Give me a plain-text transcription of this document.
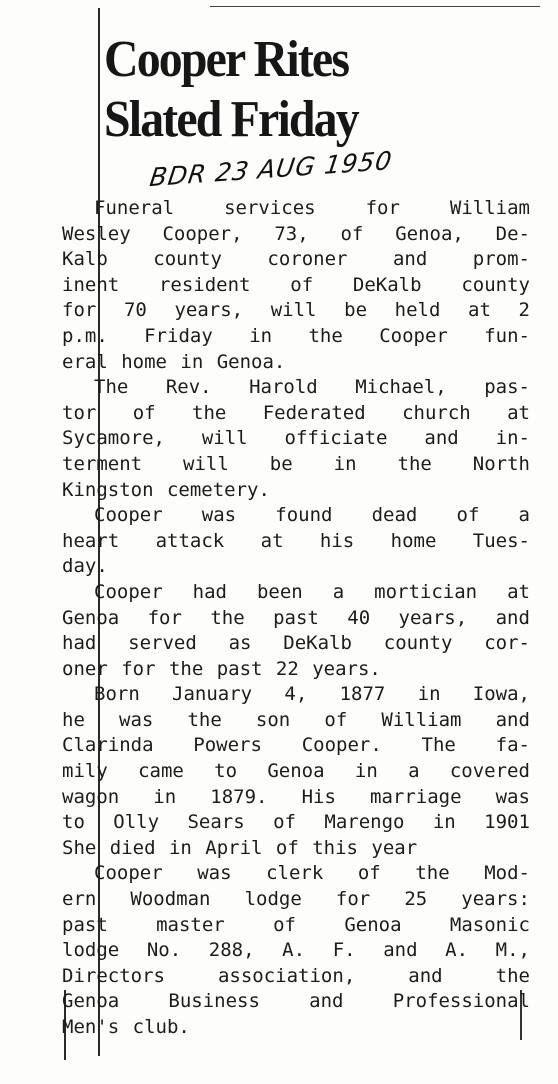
Cooper Rites
Slated Friday
BDR 23 AUG 1950
Funeral	services	for	William
Wesley Cooper, 73, of Genoa, De-
Kalb county coroner and prom-
inent resident of DeKalb county
for 70 years, will be held at 2
p.m. Friday in the Cooper fun-
eral home in Genoa.
The Rev. Harold Michael, pas-
tor of the Federated church at
Sycamore, will officiate and in-
terment will be in the North
Kingston cemetery.
Cooper was found dead of a
heart attack at his home Tues-
day.
Cooper had been a mortician at
Genoa for the past 40 years, and
had served as DeKalb county cor-
oner for the past 22 years.
Born January 4, 1877 in Iowa,
he was the son of William and
Clarinda Powers Cooper. The fa-
mily came to Genoa in a covered
wagon in 1879. His marriage was
to Olly Sears of Marengo in 1901
She died in April of this year
Cooper was clerk of the Mod-
ern Woodman lodge for 25 years:
past	master	of	Genoa	Masonic
lodge No. 288, A. F. and A. M.,
Directors	association,	and	the
Genoa	Business	and	Professional
Men's club.
